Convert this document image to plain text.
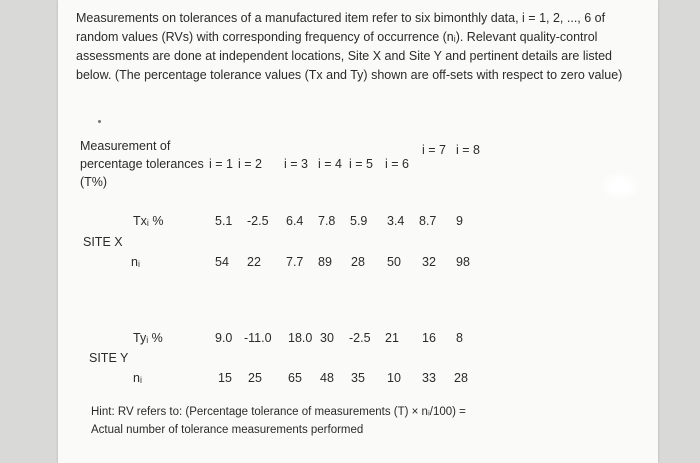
Measurements on tolerances of a manufactured item refer to six bimonthly data, i = 1, 2, ..., 6 of
random values (RVs) with corresponding frequency of occurrence (nᵢ). Relevant quality-control
assessments are done at independent locations, Site X and Site Y and pertinent details are listed
below. (The percentage tolerance values (Tx and Ty) shown are off-sets with respect to zero value)
Measurement of
percentage tolerances
(T%)
i = 1 i = 2 i = 3 i = 4 i = 5 i = 6
i = 7 i = 8
Txᵢ %
SITE X
nᵢ
5.1 -2.5 6.4 7.8 5.9 3.4 8.7 9
54 22 7.7 89 28 50 32 98
Tyᵢ %
SITE Y
nᵢ
9.0 -11.0 18.0 30 -2.5 21 16 8
15 25 65 48 35 10 33 28
Hint: RV refers to: (Percentage tolerance of measurements (T) × nᵢ/100) =
Actual number of tolerance measurements performed
